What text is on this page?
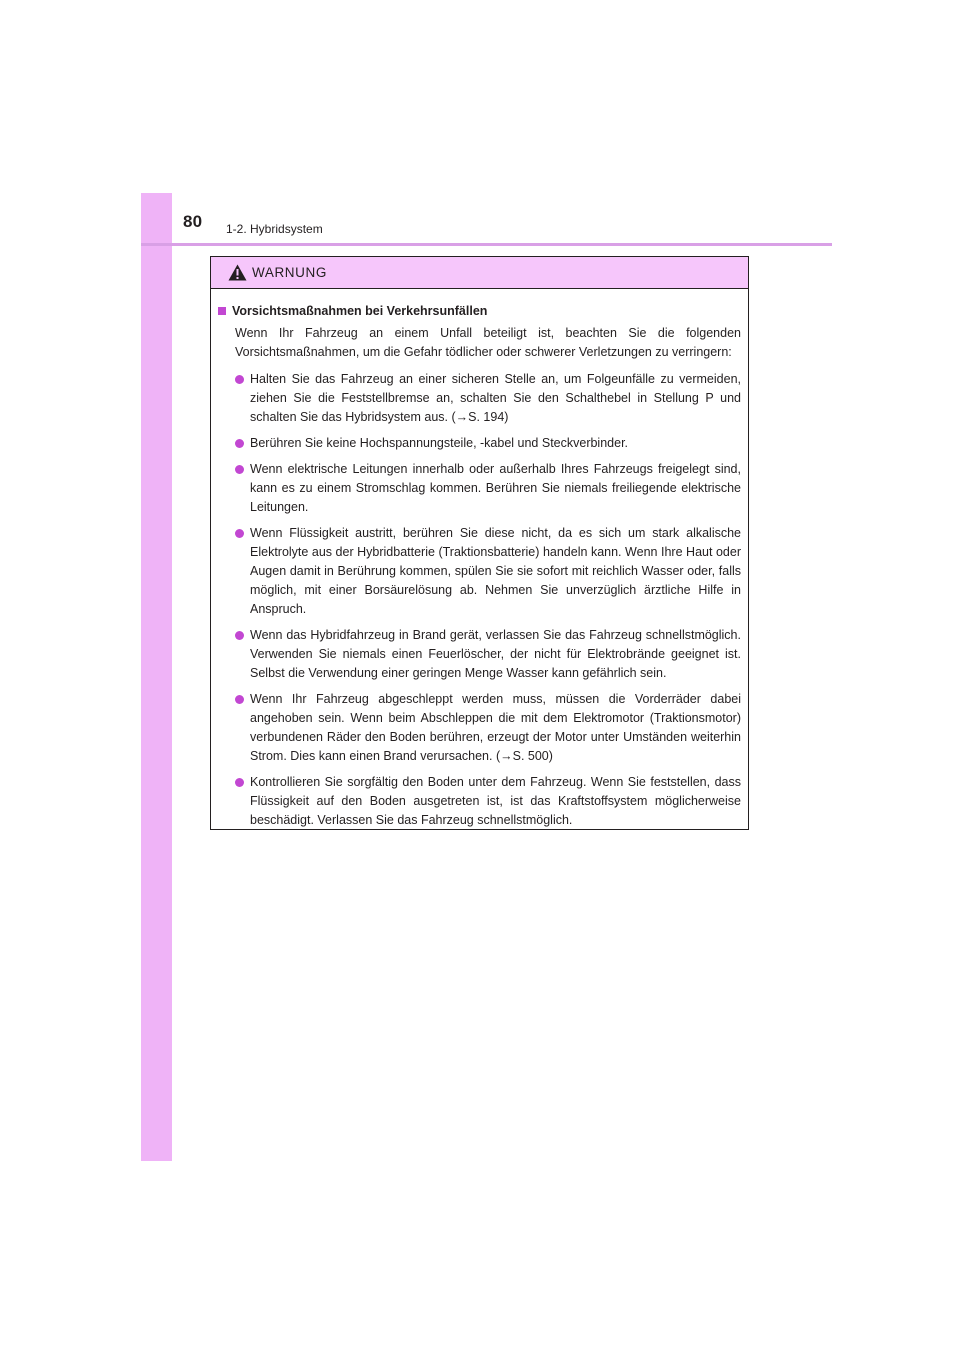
80 1-2. Hybridsystem
WARNUNG
Vorsichtsmaßnahmen bei Verkehrsunfällen

Wenn Ihr Fahrzeug an einem Unfall beteiligt ist, beachten Sie die folgenden Vorsichtsmaßnahmen, um die Gefahr tödlicher oder schwerer Verletzungen zu verringern:

Halten Sie das Fahrzeug an einer sicheren Stelle an, um Folgeunfälle zu vermeiden, ziehen Sie die Feststellbremse an, schalten Sie den Schalthebel in Stellung P und schalten Sie das Hybridsystem aus. (→S. 194)
Berühren Sie keine Hochspannungsteile, -kabel und Steckverbinder.
Wenn elektrische Leitungen innerhalb oder außerhalb Ihres Fahrzeugs freigelegt sind, kann es zu einem Stromschlag kommen. Berühren Sie niemals freiliegende elektrische Leitungen.
Wenn Flüssigkeit austritt, berühren Sie diese nicht, da es sich um stark alkalische Elektrolyte aus der Hybridbatterie (Traktionsbatterie) handeln kann. Wenn Ihre Haut oder Augen damit in Berührung kommen, spülen Sie sie sofort mit reichlich Wasser oder, falls möglich, mit einer Borsäurelösung ab. Nehmen Sie unverzüglich ärztliche Hilfe in Anspruch.
Wenn das Hybridfahrzeug in Brand gerät, verlassen Sie das Fahrzeug schnellstmöglich. Verwenden Sie niemals einen Feuerlöscher, der nicht für Elektrobrände geeignet ist. Selbst die Verwendung einer geringen Menge Wasser kann gefährlich sein.
Wenn Ihr Fahrzeug abgeschleppt werden muss, müssen die Vorderräder dabei angehoben sein. Wenn beim Abschleppen die mit dem Elektromotor (Traktionsmotor) verbundenen Räder den Boden berühren, erzeugt der Motor unter Umständen weiterhin Strom. Dies kann einen Brand verursachen. (→S. 500)
Kontrollieren Sie sorgfältig den Boden unter dem Fahrzeug. Wenn Sie feststellen, dass Flüssigkeit auf den Boden ausgetreten ist, ist das Kraftstoffsystem möglicherweise beschädigt. Verlassen Sie das Fahrzeug schnellstmöglich.
